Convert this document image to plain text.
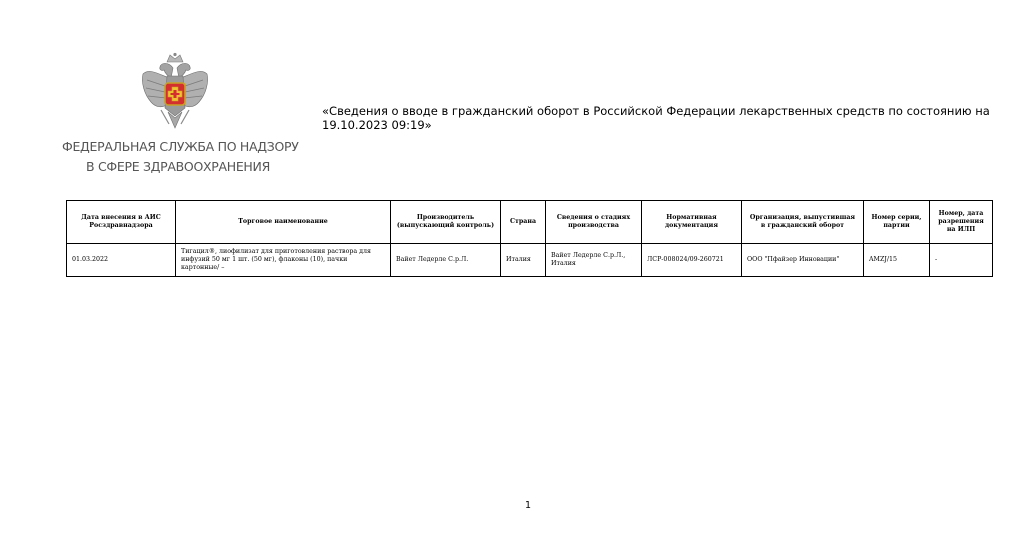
ФЕДЕРАЛЬНАЯ СЛУЖБА ПО НАДЗОРУ
В СФЕРЕ ЗДРАВООХРАНЕНИЯ
«Сведения о вводе в гражданский оборот в Российской Федерации лекарственных средств по состоянию на 19.10.2023 09:19»
Дата внесения в АИС Росздравнадзора	Торговое наименование	Производитель (выпускающий контроль)	Страна	Сведения о стадиях производства	Нормативная документация	Организация, выпустившая в гражданский оборот	Номер серии, партии	Номер, дата разрешения на ИЛП
01.03.2022	Тигацил®, лиофилизат для приготовления раствора для инфузий 50 мг 1 шт. (50 мг), флаконы (10), пачки картонные/ –	Вайет Ледерле С.р.Л.	Италия	Вайет Ледерле С.р.Л., Италия	ЛСР-008024/09-260721	ООО "Пфайзер Инновации"	AMZJ/15	-
1
